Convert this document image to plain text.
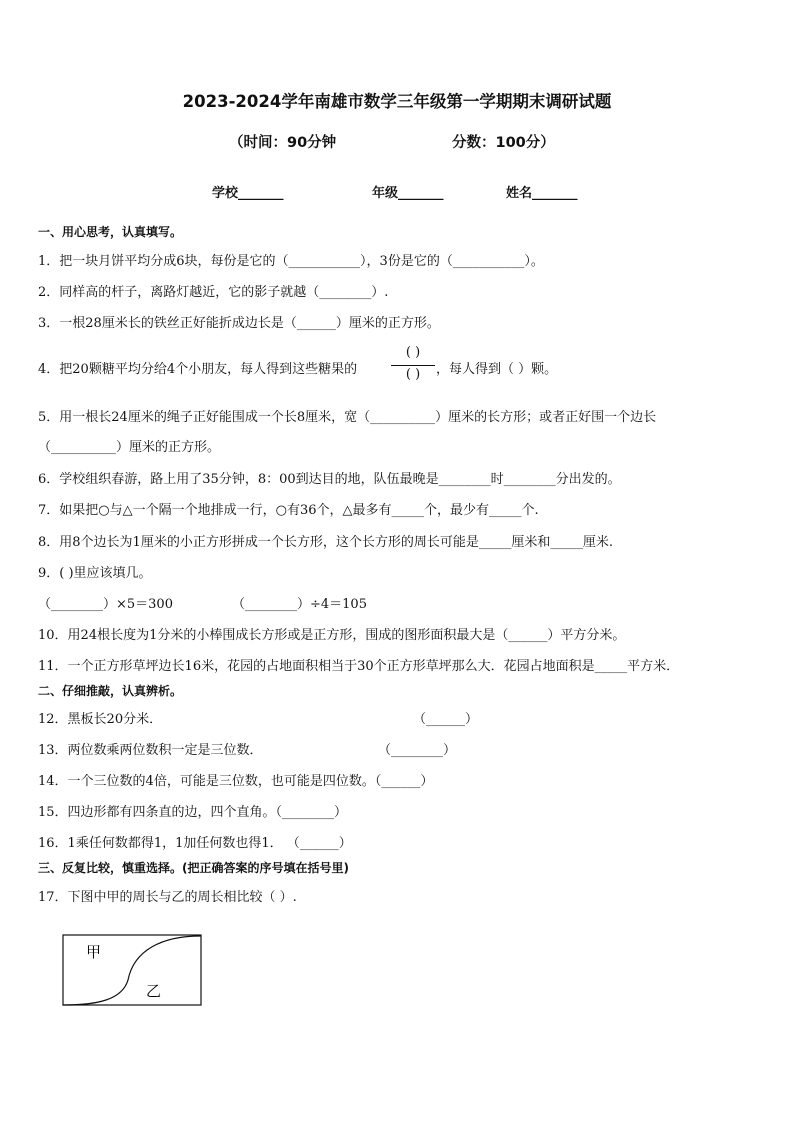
2023-2024学年南雄市数学三年级第一学期期末调研试题
（时间：90分钟	分数：100分）
学校_______	年级_______	姓名_______
一、用心思考，认真填写。
1．把一块月饼平均分成6块，每份是它的（___________），3份是它的（___________）。
2．同样高的杆子，离路灯越近，它的影子就越（________）.
3．一根28厘米长的铁丝正好能折成边长是（______）厘米的正方形。
4．把20颗糖平均分给4个小朋友，每人得到这些糖果的
( )
( )	，每人得到（ ）颗。
5．用一根长24厘米的绳子正好能围成一个长8厘米，宽（__________）厘米的长方形；或者正好围一个边长
（__________）厘米的正方形。
6．学校组织春游，路上用了35分钟，8：00到达目的地，队伍最晚是________时________分出发的。
7．如果把○与△一个隔一个地排成一行，○有36个，△最多有_____个，最少有_____个.
8．用8个边长为1厘米的小正方形拼成一个长方形，这个长方形的周长可能是_____厘米和_____厘米.
9．( )里应该填几。
（________）×5＝300	（________）÷4＝105
10．用24根长度为1分米的小棒围成长方形或是正方形，围成的图形面积最大是（______）平方分米。
11．一个正方形草坪边长16米，花园的占地面积相当于30个正方形草坪那么大．花园占地面积是_____平方米．
二、仔细推敲，认真辨析。
12．黑板长20分米．	（______）
13．两位数乘两位数积一定是三位数．	（________）
14．一个三位数的4倍，可能是三位数，也可能是四位数。（______）
15．四边形都有四条直的边，四个直角。（________）
16．1乘任何数都得1，1加任何数也得1． （______）
三、反复比较，慎重选择。(把正确答案的序号填在括号里)
17．下图中甲的周长与乙的周长相比较（ ）.
甲
乙
